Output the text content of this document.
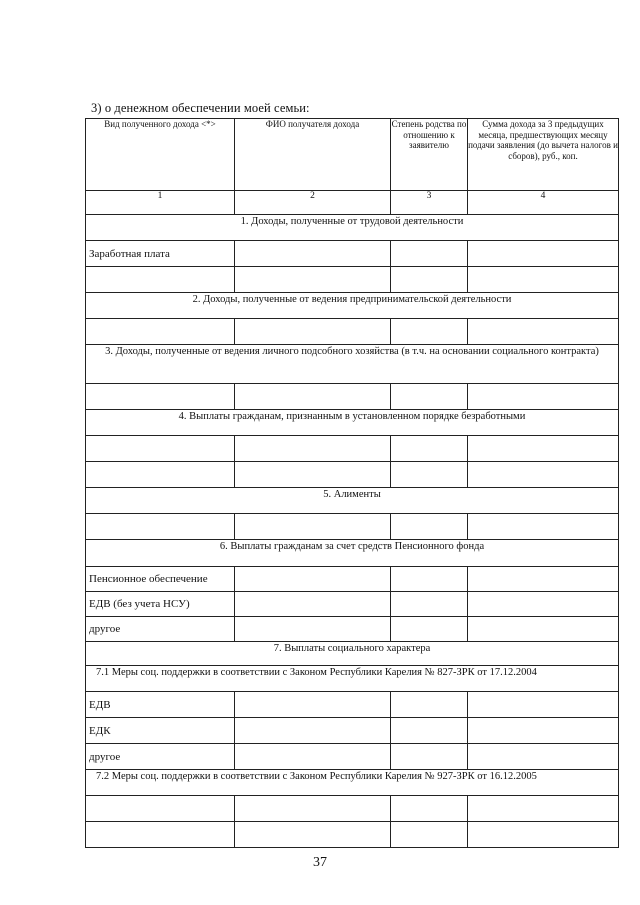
3) о денежном обеспечении моей семьи:
Вид полученного дохода <*>	ФИО получателя дохода	Степень родства по отношению к заявителю	Сумма дохода за 3 предыдущих месяца, предшествующих месяцу подачи заявления (до вычета налогов и сборов), руб., коп.
1	2	3	4
1. Доходы, полученные от трудовой деятельности			
Заработная плата			

2. Доходы, полученные от ведения предпринимательской деятельности			

3. Доходы, полученные от ведения личного подсобного хозяйства (в т.ч. на основании социального контракта)			

4. Выплаты гражданам, признанным в установленном порядке безработными			

5. Алименты			

6. Выплаты гражданам за счет средств Пенсионного фонда			
Пенсионное обеспечение			
ЕДВ (без учета НСУ)			
другое			
7. Выплаты социального характера			
7.1 Меры соц. поддержки в соответствии с Законом Республики Карелия № 827-ЗРК от 17.12.2004			
ЕДВ			
ЕДК			
другое			
7.2 Меры соц. поддержки в соответствии с Законом Республики Карелия № 927-ЗРК от 16.12.2005			

37
